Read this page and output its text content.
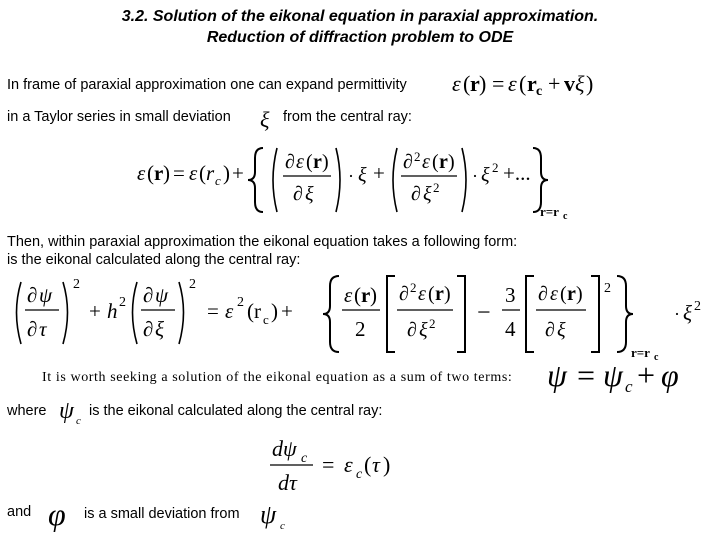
3.2. Solution of the eikonal equation in paraxial approximation.
Reduction of diffraction problem to ODE
In frame of paraxial approximation one can expand permittivity ε ( r ) = ε ( r c + v ξ )
in a Taylor series in small deviation ξ from the central ray:
ε ( r ) = ε ( r c ) + ∂ ε ( r )
∂ ξ
· ξ + ∂ 2 ε ( r )
∂ ξ 2
· ξ 2 +...
r=r c
Then, within paraxial approximation the eikonal equation takes a following form:
is the eikonal calculated along the central ray:
∂ ψ
∂ τ
2
+ h 2 ∂ ψ
∂ ξ
2
= ε 2 ( r c ) +
ε ( r )
2
∂ 2 ε ( r )
∂ ξ 2 −
3
4
∂ ε ( r )
∂ ξ
2
· ξ 2
r=r c
It is worth seeking a solution of the eikonal equation as a sum of two terms: ψ = ψ c + φ
where ψ c
is the eikonal calculated along the central ray:
dψ c
dτ
= ε c ( τ )
and φ is a small deviation from ψ c
